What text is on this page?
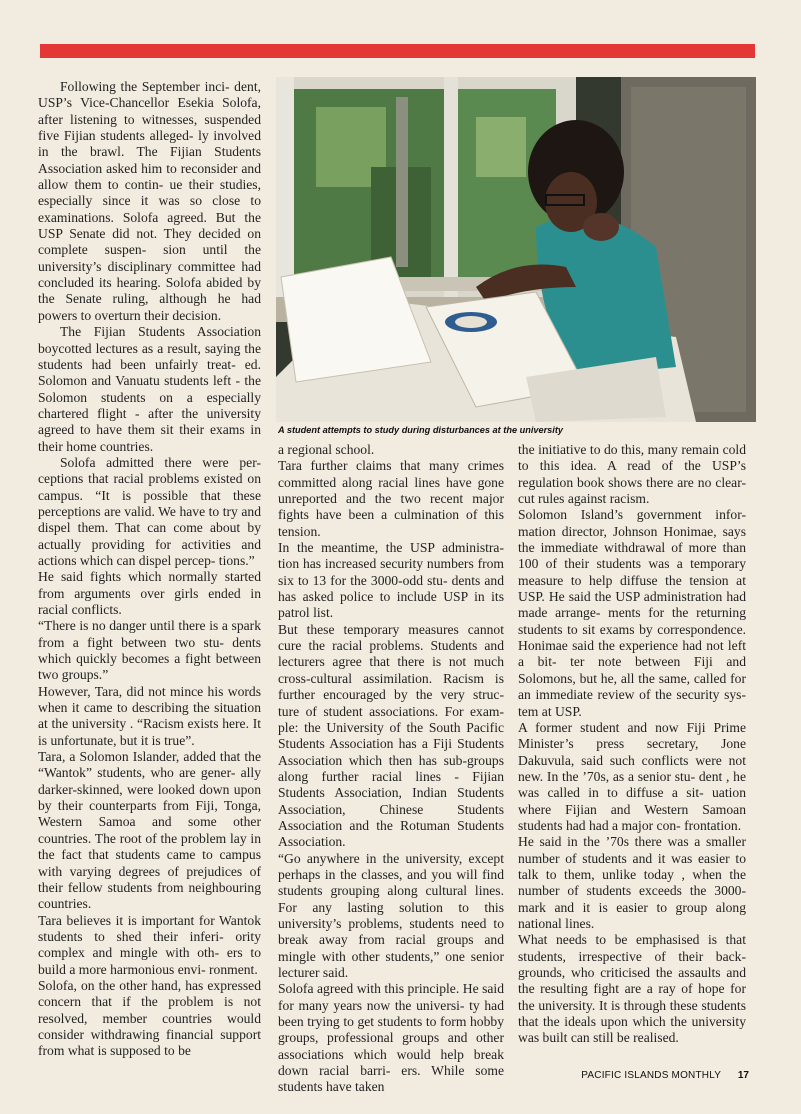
Following the September inci- dent, USP’s Vice-Chancellor Esekia Solofa, after listening to witnesses, suspended five Fijian students alleged- ly involved in the brawl. The Fijian Students Association asked him to reconsider and allow them to contin- ue their studies, especially since it was so close to examinations. Solofa agreed. But the USP Senate did not. They decided on complete suspen- sion until the university’s disciplinary committee had concluded its hearing. Solofa abided by the Senate ruling, although he had powers to overturn their decision.

The Fijian Students Association boycotted lectures as a result, saying the students had been unfairly treat- ed. Solomon and Vanuatu students left - the Solomon students on a especially chartered flight - after the university agreed to have them sit their exams in their home countries.

Solofa admitted there were per- ceptions that racial problems existed on campus. “It is possible that these perceptions are valid. We have to try and dispel them. That can come about by actually providing for activities and actions which can dispel percep- tions.”

He said fights which normally started from arguments over girls ended in racial conflicts.

“There is no danger until there is a spark from a fight between two stu- dents which quickly becomes a fight between two groups.”

However, Tara, did not mince his words when it came to describing the situation at the university . “Racism exists here. It is unfortunate, but it is true”.

Tara, a Solomon Islander, added that the “Wantok” students, who are gener- ally darker-skinned, were looked down upon by their counterparts from Fiji, Tonga, Western Samoa and some other countries. The root of the problem lay in the fact that students came to campus with varying degrees of prejudices of their fellow students from neighbouring countries.

Tara believes it is important for Wantok students to shed their inferi- ority complex and mingle with oth- ers to build a more harmonious envi- ronment.

Solofa, on the other hand, has expressed concern that if the problem is not resolved, member countries would consider withdrawing financial support from what is supposed to be

A student attempts to study during disturbances at the university

a regional school.

Tara further claims that many crimes committed along racial lines have gone unreported and the two recent major fights have been a culmination of this tension.

In the meantime, the USP administra- tion has increased security numbers from six to 13 for the 3000-odd stu- dents and has asked police to include USP in its patrol list.

But these temporary measures cannot cure the racial problems. Students and lecturers agree that there is not much cross-cultural assimilation. Racism is further encouraged by the very struc- ture of student associations. For exam- ple: the University of the South Pacific Students Association has a Fiji Students Association which then has sub-groups along further racial lines - Fijian Students Association, Indian Students Association, Chinese Students Association and the Rotuman Students Association.

“Go anywhere in the university, except perhaps in the classes, and you will find students grouping along cultural lines. For any lasting solution to this university’s problems, students need to break away from racial groups and mingle with other students,” one senior lecturer said.

Solofa agreed with this principle. He said for many years now the universi- ty had been trying to get students to form hobby groups, professional groups and other associations which would help break down racial barri- ers. While some students have taken

the initiative to do this, many remain cold to this idea. A read of the USP’s regulation book shows there are no clear-cut rules against racism.

Solomon Island’s government infor- mation director, Johnson Honimae, says the immediate withdrawal of more than 100 of their students was a temporary measure to help diffuse the tension at USP. He said the USP administration had made arrange- ments for the returning students to sit exams by correspondence. Honimae said the experience had not left a bit- ter note between Fiji and Solomons, but he, all the same, called for an immediate review of the security sys- tem at USP.

A former student and now Fiji Prime Minister’s press secretary, Jone Dakuvula, said such conflicts were not new. In the ’70s, as a senior stu- dent , he was called in to diffuse a sit- uation where Fijian and Western Samoan students had had a major con- frontation.

He said in the ’70s there was a smaller number of students and it was easier to talk to them, unlike today , when the number of students exceeds the 3000-mark and it is easier to group along national lines.

What needs to be emphasised is that students, irrespective of their back- grounds, who criticised the assaults and the resulting fight are a ray of hope for the university. It is through these students that the ideals upon which the university was built can still be realised.

PACIFIC ISLANDS MONTHLY 17
